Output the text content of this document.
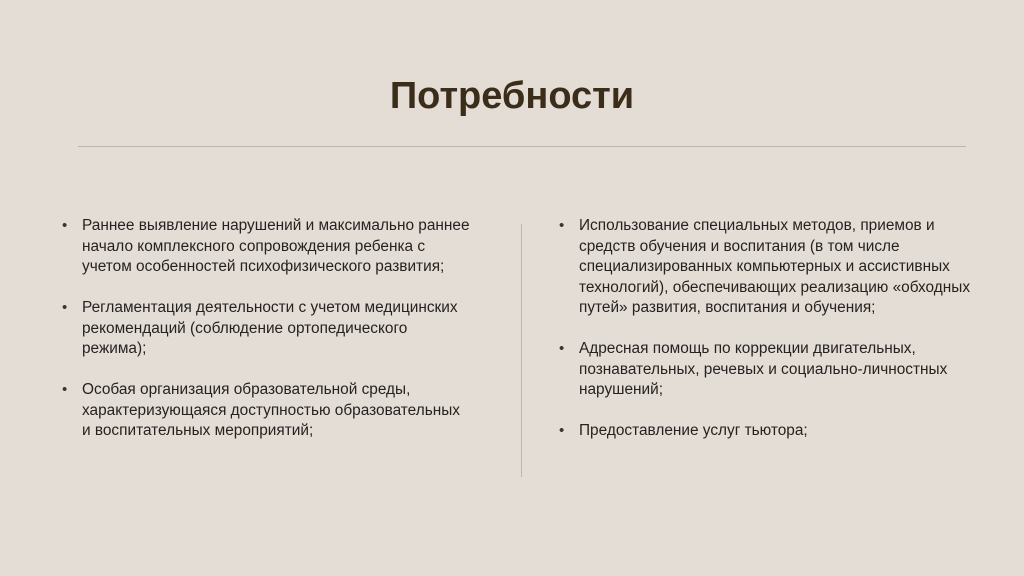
Потребности
• Раннее выявление нарушений и максимально раннее начало комплексного сопровождения ребенка с учетом особенностей психофизического развития;
• Регламентация деятельности с учетом медицинских рекомендаций (соблюдение ортопедического режима);
• Особая организация образовательной среды, характеризующаяся доступностью образовательных и воспитательных мероприятий;
• Использование специальных методов, приемов и средств обучения и воспитания (в том числе специализированных компьютерных и ассистивных технологий), обеспечивающих реализацию «обходных путей» развития, воспитания и обучения;
• Адресная помощь по коррекции двигательных, познавательных, речевых и социально-личностных нарушений;
• Предоставление услуг тьютора;
